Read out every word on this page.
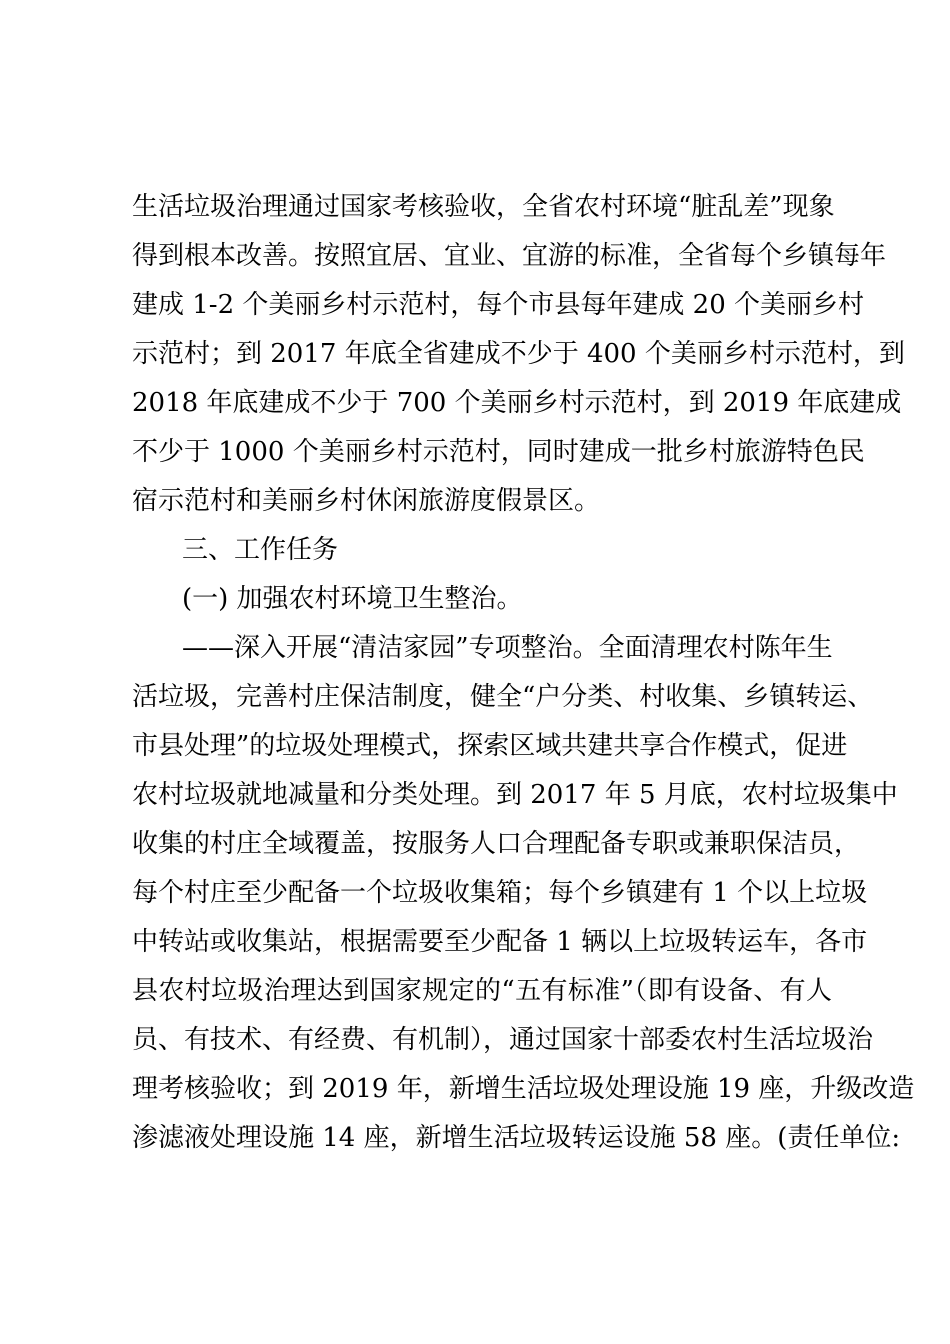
生活垃圾治理通过国家考核验收，全省农村环境“脏乱差”现象
得到根本改善。按照宜居、宜业、宜游的标准，全省每个乡镇每年
建成 1-2 个美丽乡村示范村，每个市县每年建成 20 个美丽乡村
示范村；到 2017 年底全省建成不少于 400 个美丽乡村示范村，到
2018 年底建成不少于 700 个美丽乡村示范村，到 2019 年底建成
不少于 1000 个美丽乡村示范村，同时建成一批乡村旅游特色民
宿示范村和美丽乡村休闲旅游度假景区。
三、工作任务
(一) 加强农村环境卫生整治。
——深入开展“清洁家园”专项整治。全面清理农村陈年生
活垃圾，完善村庄保洁制度，健全“户分类、村收集、乡镇转运、
市县处理”的垃圾处理模式，探索区域共建共享合作模式，促进
农村垃圾就地减量和分类处理。到 2017 年 5 月底，农村垃圾集中
收集的村庄全域覆盖，按服务人口合理配备专职或兼职保洁员，
每个村庄至少配备一个垃圾收集箱；每个乡镇建有 1 个以上垃圾
中转站或收集站，根据需要至少配备 1 辆以上垃圾转运车，各市
县农村垃圾治理达到国家规定的“五有标准”（即有设备、有人
员、有技术、有经费、有机制），通过国家十部委农村生活垃圾治
理考核验收；到 2019 年，新增生活垃圾处理设施 19 座，升级改造
渗滤液处理设施 14 座，新增生活垃圾转运设施 58 座。(责任单位:
